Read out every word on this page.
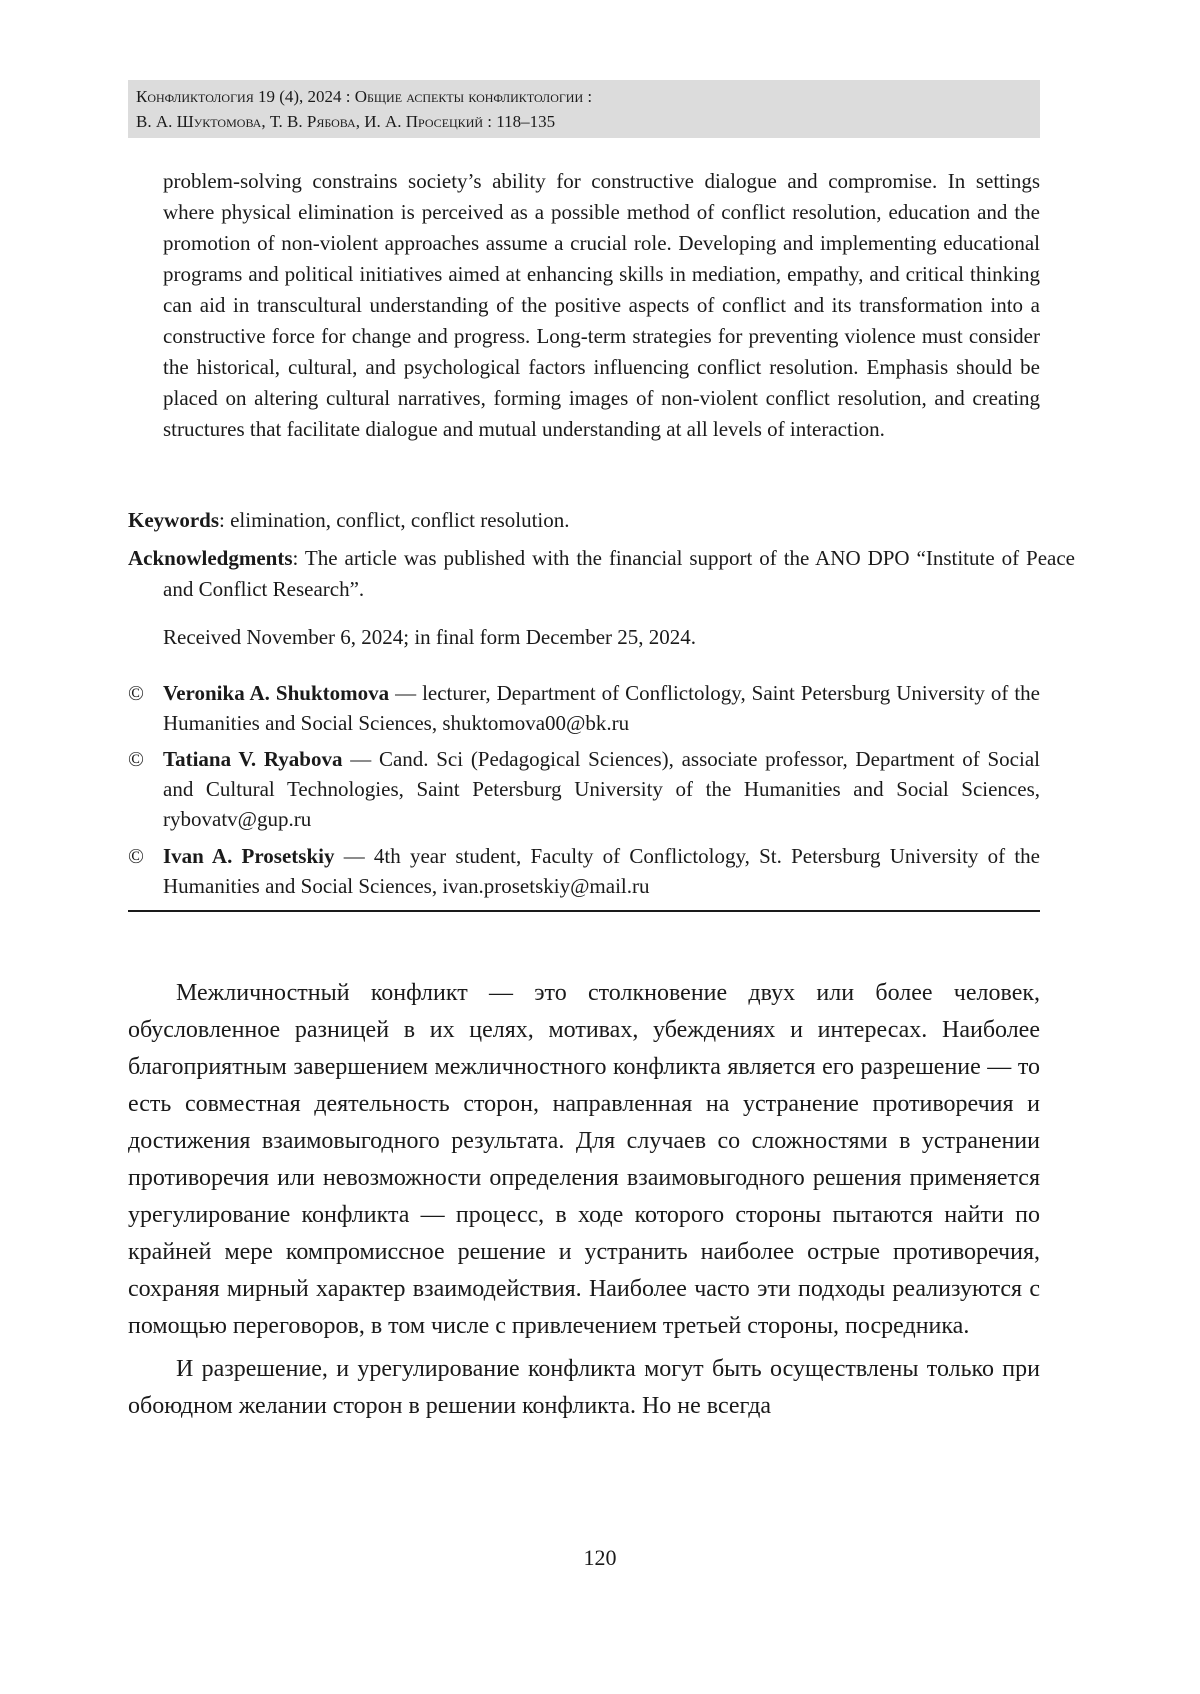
Конфликтология 19 (4), 2024 : Общие аспекты конфликтологии :
В. А. Шуктомова, Т. В. Рябова, И. А. Просецкий : 118–135
problem-solving constrains society’s ability for constructive dialogue and compromise. In settings where physical elimination is perceived as a possible method of conflict resolution, education and the promotion of non-violent approaches assume a crucial role. Developing and implementing educational programs and political initiatives aimed at enhancing skills in mediation, empathy, and critical thinking can aid in transcultural understanding of the positive aspects of conflict and its transformation into a constructive force for change and progress. Long-term strategies for preventing violence must consider the historical, cultural, and psychological factors influencing conflict resolution. Emphasis should be placed on altering cultural narratives, forming images of non-violent conflict resolution, and creating structures that facilitate dialogue and mutual understanding at all levels of interaction.
Keywords: elimination, conflict, conflict resolution.
Acknowledgments: The article was published with the financial support of the ANO DPO “Institute of Peace and Conflict Research”.
Received November 6, 2024; in final form December 25, 2024.
© Veronika A. Shuktomova — lecturer, Department of Conflictology, Saint Petersburg University of the Humanities and Social Sciences, shuktomova00@bk.ru
© Tatiana V. Ryabova — Cand. Sci (Pedagogical Sciences), associate professor, Department of Social and Cultural Technologies, Saint Petersburg University of the Humanities and Social Sciences, rybovatv@gup.ru
© Ivan A. Prosetskiy — 4th year student, Faculty of Conflictology, St. Petersburg University of the Humanities and Social Sciences, ivan.prosetskiy@mail.ru

Межличностный конфликт — это столкновение двух или более человек, обусловленное разницей в их целях, мотивах, убеждениях и интересах. Наиболее благоприятным завершением межличностного конфликта является его разрешение — то есть совместная деятельность сторон, направленная на устранение противоречия и достижения взаимовыгодного результата. Для случаев со сложностями в устранении противоречия или невозможности определения взаимовыгодного решения применяется урегулирование конфликта — процесс, в ходе которого стороны пытаются найти по крайней мере компромиссное решение и устранить наиболее острые противоречия, сохраняя мирный характер взаимодействия. Наиболее часто эти подходы реализуются с помощью переговоров, в том числе с привлечением третьей стороны, посредника.

И разрешение, и урегулирование конфликта могут быть осуществлены только при обоюдном желании сторон в решении конфликта. Но не всегда

120
